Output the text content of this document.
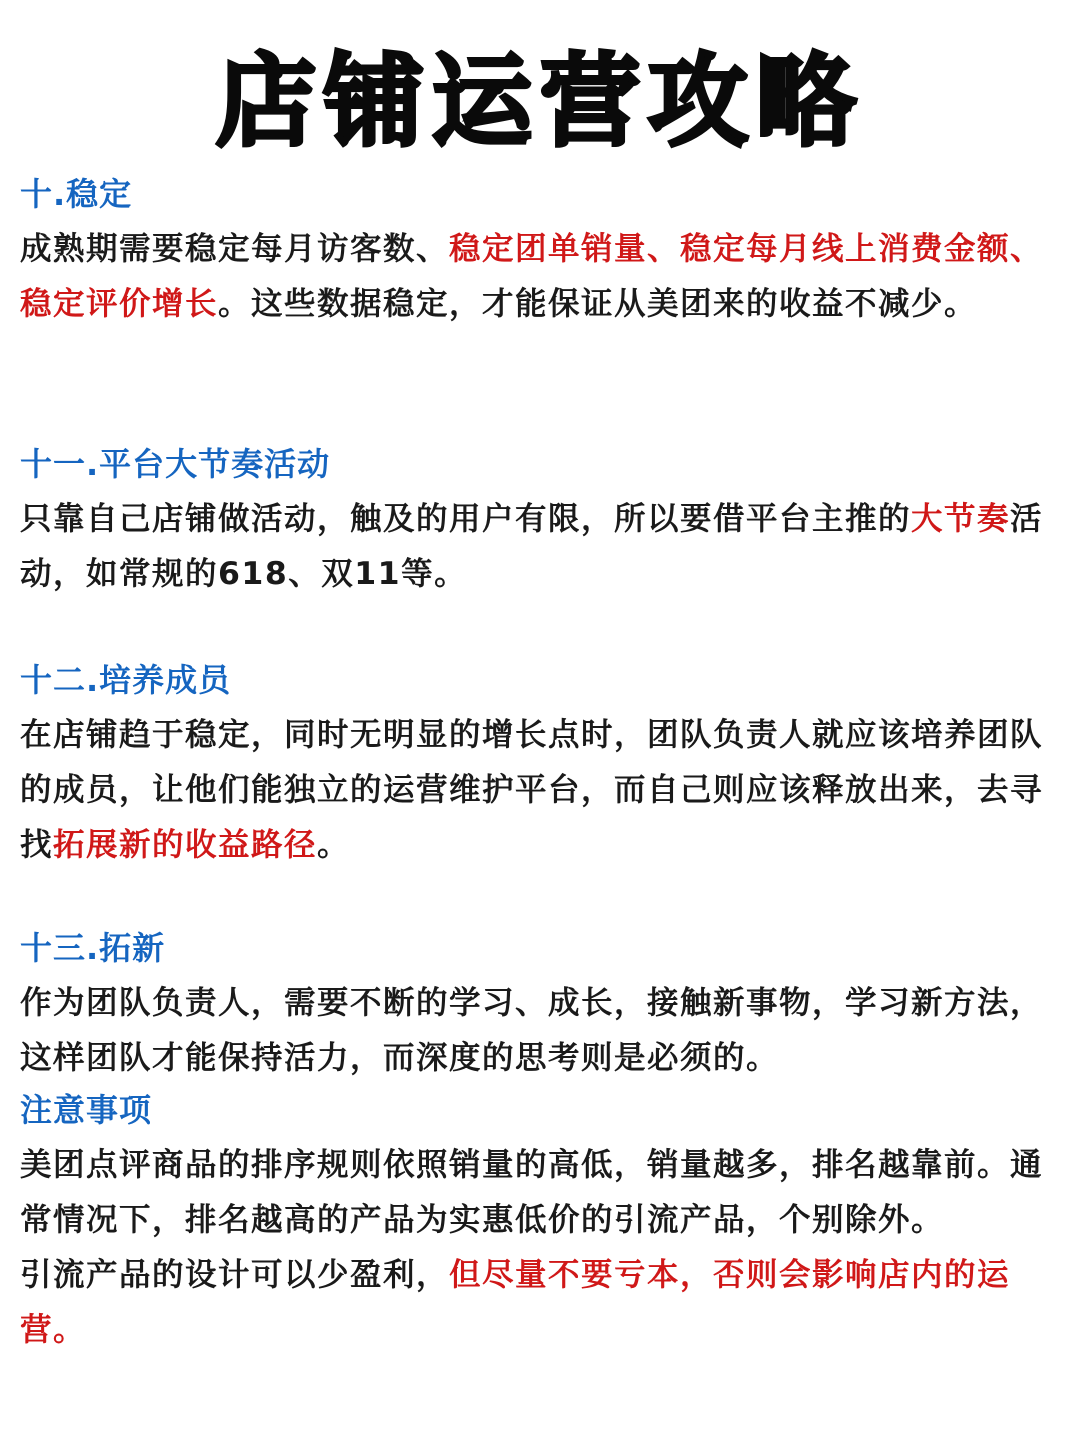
店铺运营攻略
十.稳定
成熟期需要稳定每月访客数、稳定团单销量、稳定每月线上消费金额、稳定评价增长。这些数据稳定，才能保证从美团来的收益不减少。
十一.平台大节奏活动
只靠自己店铺做活动，触及的用户有限，所以要借平台主推的大节奏活动，如常规的618、双11等。
十二.培养成员
在店铺趋于稳定，同时无明显的增长点时，团队负责人就应该培养团队的成员，让他们能独立的运营维护平台，而自己则应该释放出来，去寻找拓展新的收益路径。
十三.拓新
作为团队负责人，需要不断的学习、成长，接触新事物，学习新方法，这样团队才能保持活力，而深度的思考则是必须的。
注意事项
美团点评商品的排序规则依照销量的高低，销量越多，排名越靠前。通常情况下，排名越高的产品为实惠低价的引流产品，个别除外。
引流产品的设计可以少盈利，但尽量不要亏本，否则会影响店内的运营。
